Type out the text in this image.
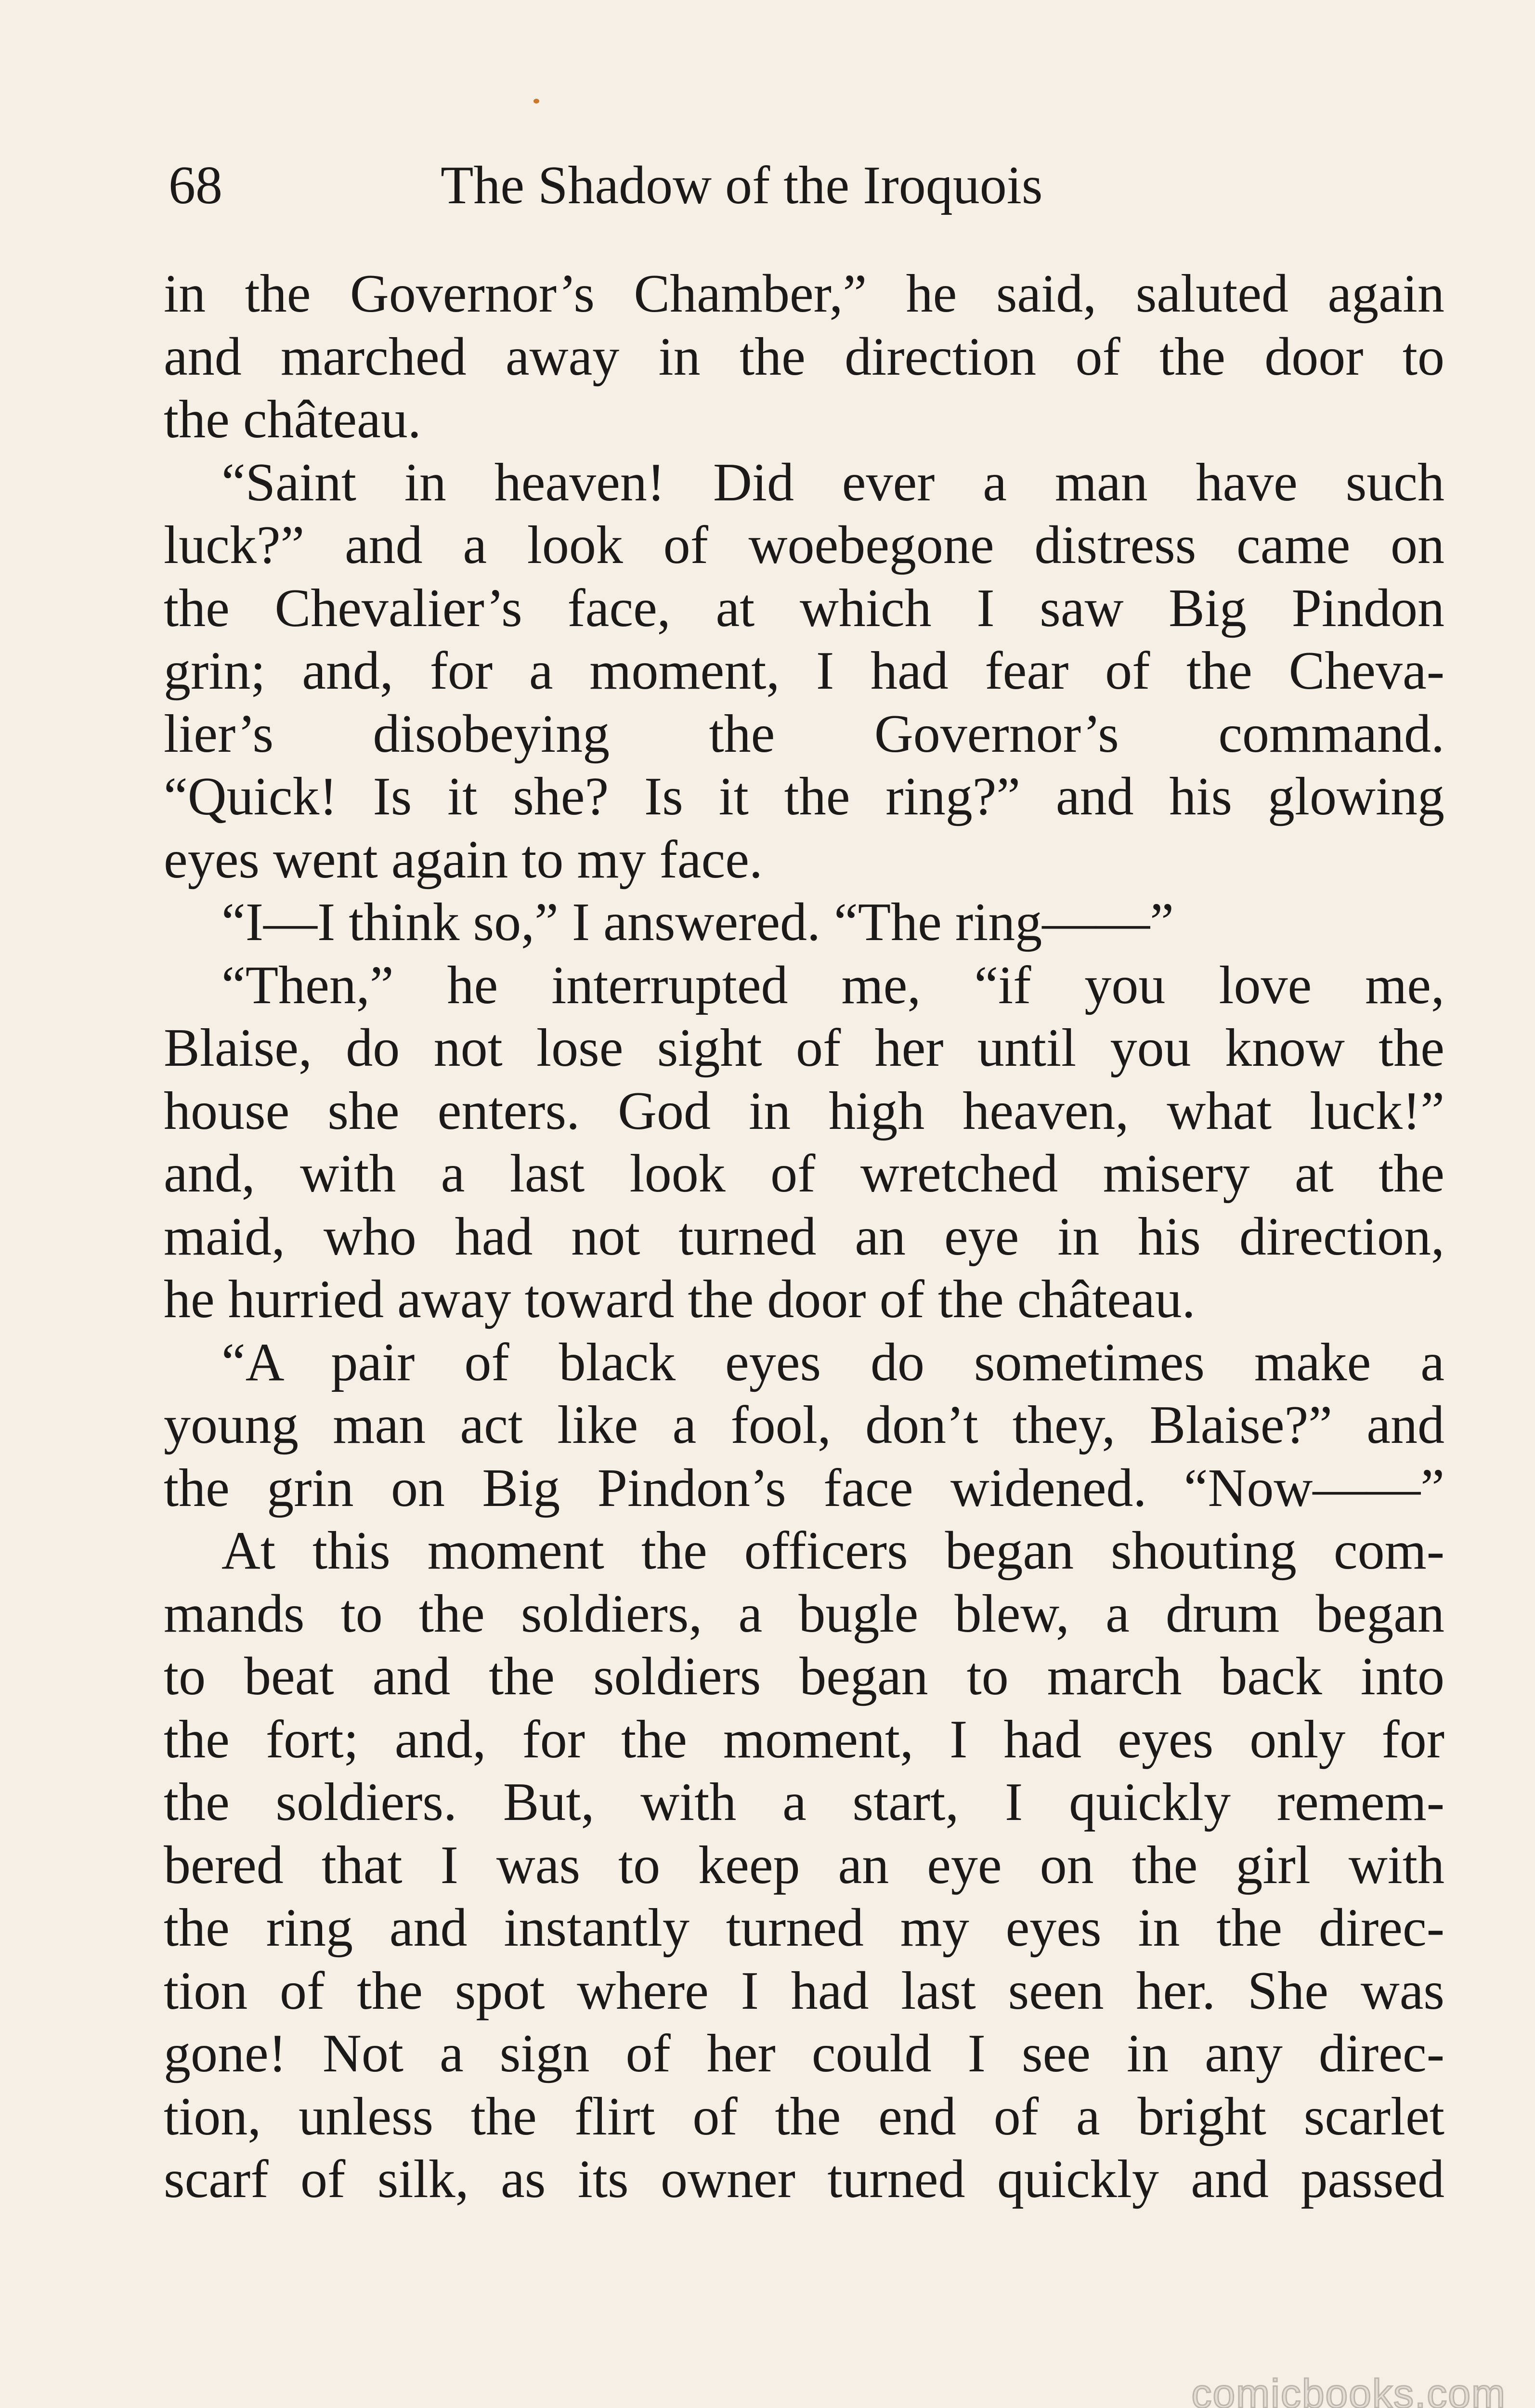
68	The Shadow of the Iroquois
in the Governor’s Chamber,” he said, saluted again
and marched away in the direction of the door to
the château.
“Saint in heaven! Did ever a man have such
luck?” and a look of woebegone distress came on
the Chevalier’s face, at which I saw Big Pindon
grin; and, for a moment, I had fear of the Cheva-
lier’s disobeying the Governor’s command.
“Quick! Is it she? Is it the ring?” and his glowing
eyes went again to my face.
“I—I think so,” I answered. “The ring——”
“Then,” he interrupted me, “if you love me,
Blaise, do not lose sight of her until you know the
house she enters. God in high heaven, what luck!”
and, with a last look of wretched misery at the
maid, who had not turned an eye in his direction,
he hurried away toward the door of the château.
“A pair of black eyes do sometimes make a
young man act like a fool, don’t they, Blaise?” and
the grin on Big Pindon’s face widened. “Now——”
At this moment the officers began shouting com-
mands to the soldiers, a bugle blew, a drum began
to beat and the soldiers began to march back into
the fort; and, for the moment, I had eyes only for
the soldiers. But, with a start, I quickly remem-
bered that I was to keep an eye on the girl with
the ring and instantly turned my eyes in the direc-
tion of the spot where I had last seen her. She was
gone! Not a sign of her could I see in any direc-
tion, unless the flirt of the end of a bright scarlet
scarf of silk, as its owner turned quickly and passed
comicbooks.com
